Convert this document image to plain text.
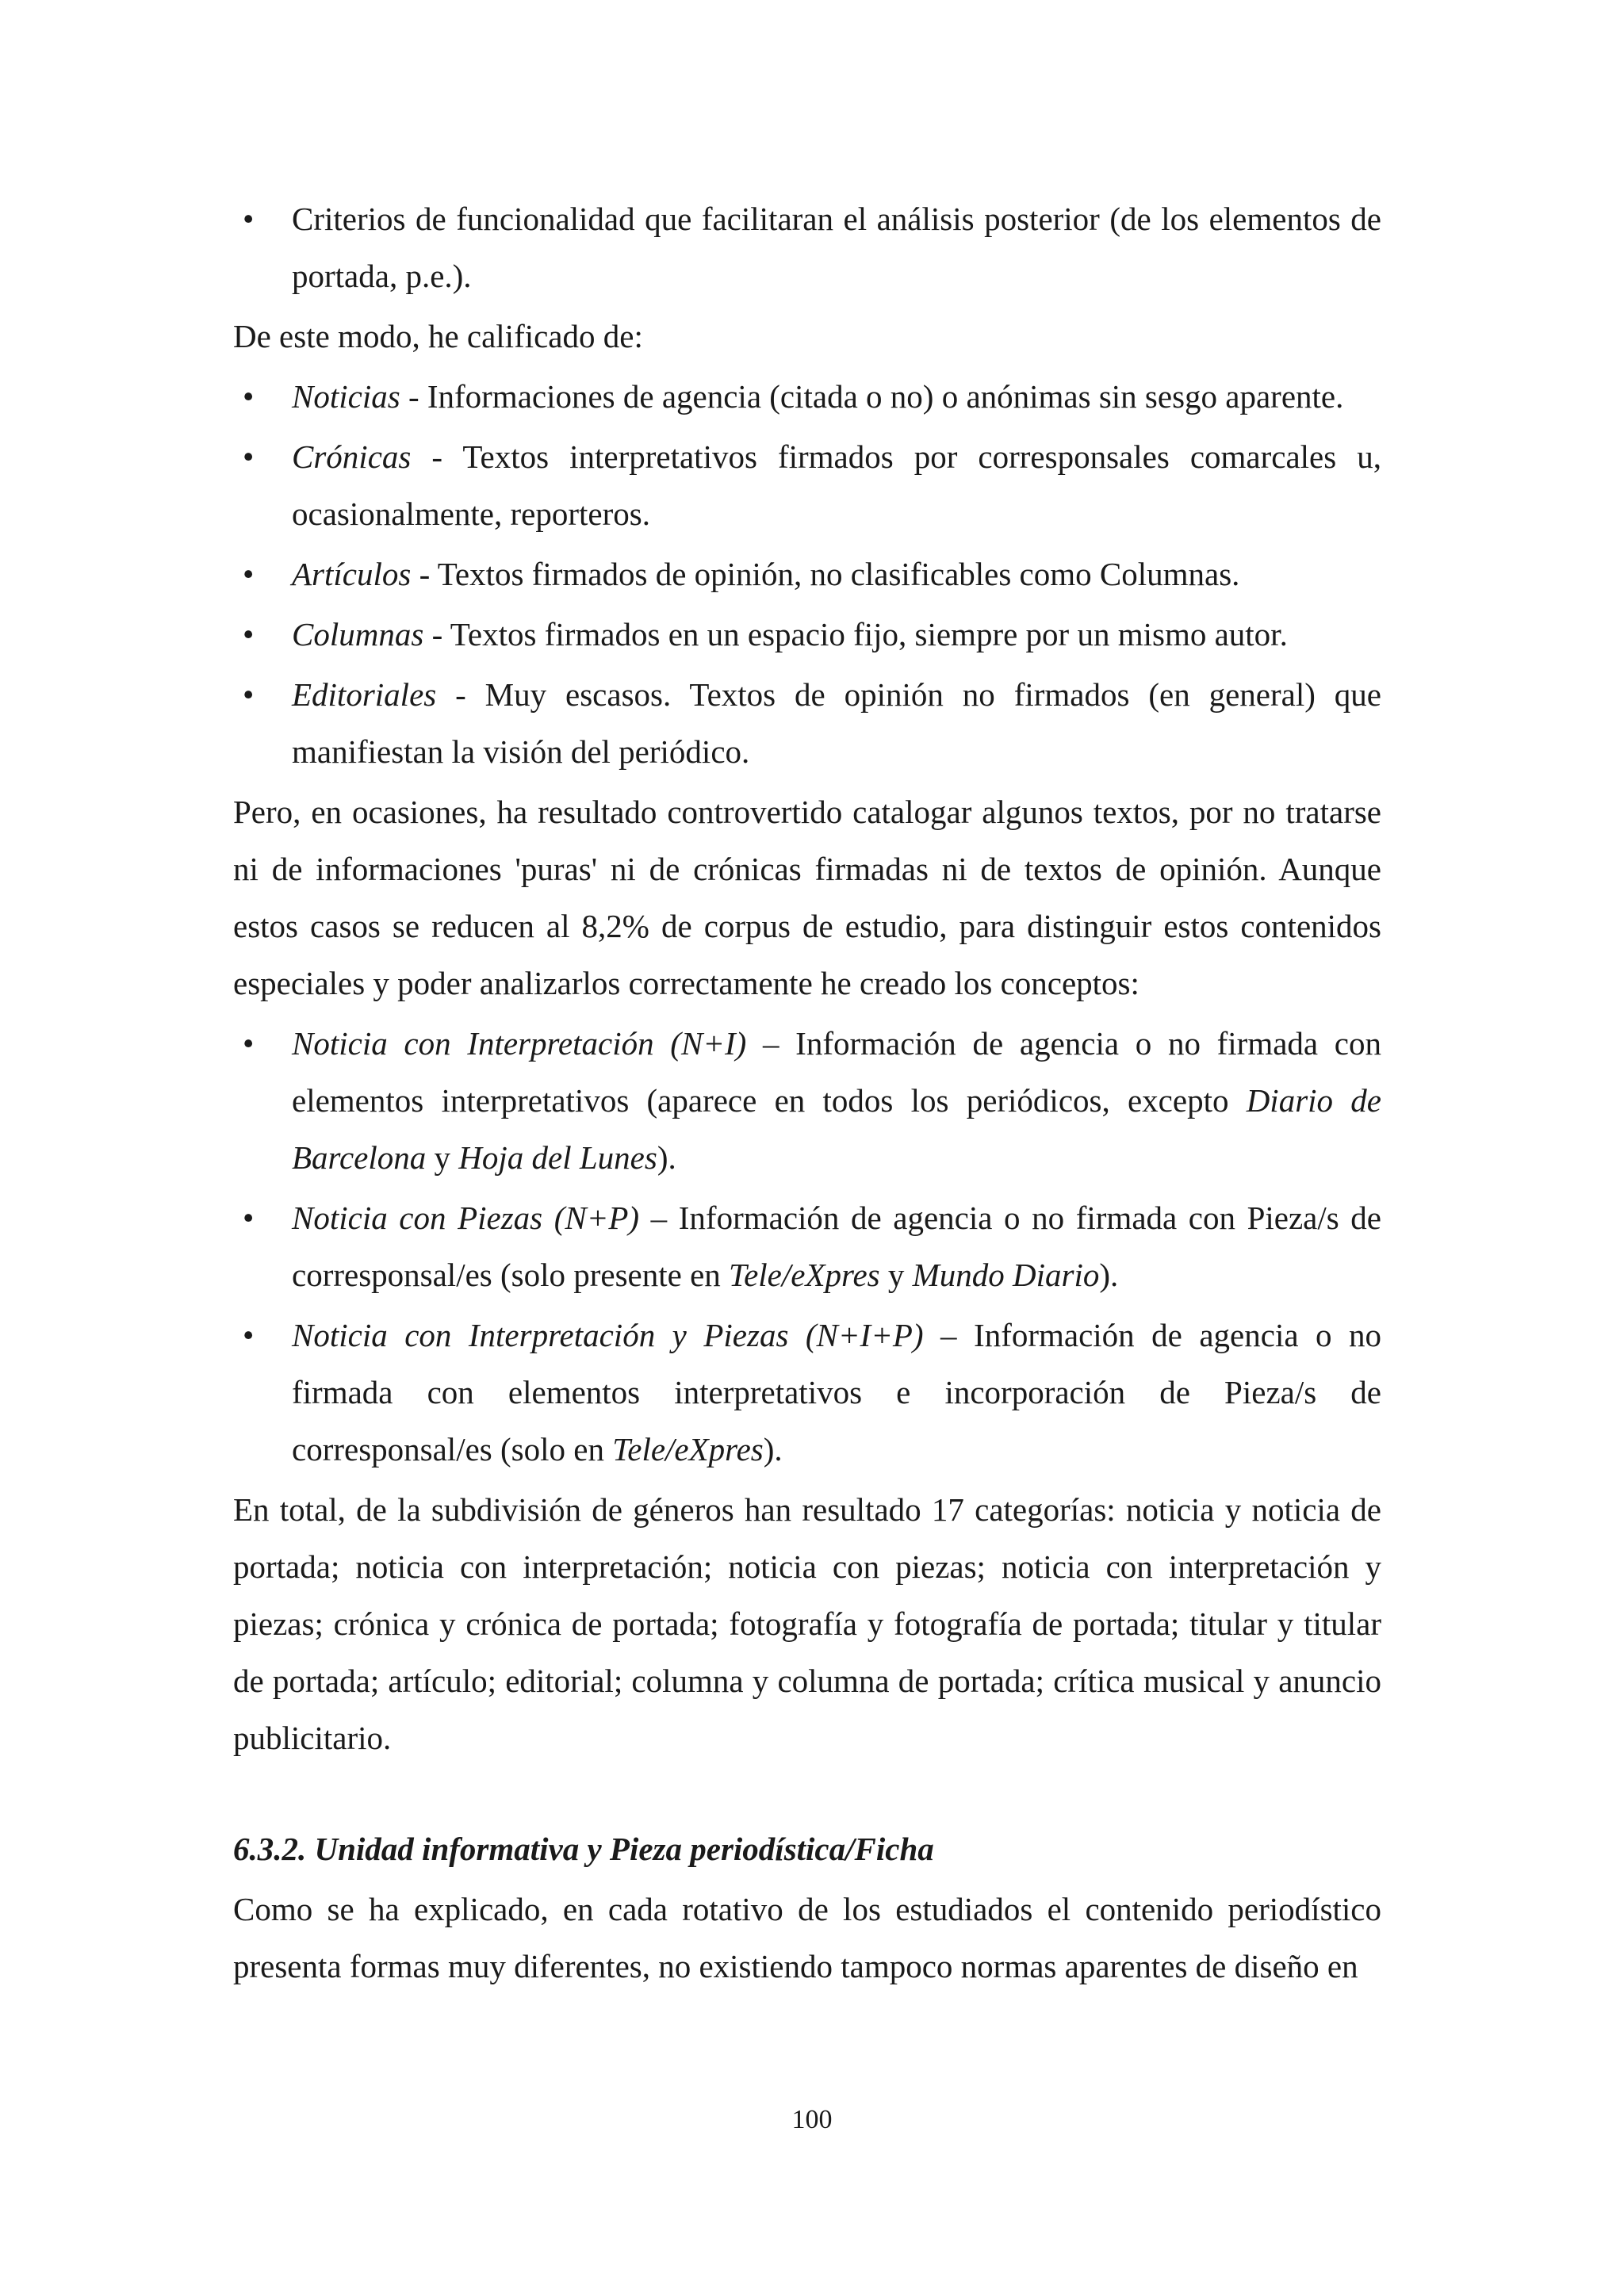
• Criterios de funcionalidad que facilitaran el análisis posterior (de los elementos de portada, p.e.).

De este modo, he calificado de:

• Noticias - Informaciones de agencia (citada o no) o anónimas sin sesgo aparente.
• Crónicas - Textos interpretativos firmados por corresponsales comarcales u, ocasionalmente, reporteros.
• Artículos - Textos firmados de opinión, no clasificables como Columnas.
• Columnas - Textos firmados en un espacio fijo, siempre por un mismo autor.
• Editoriales - Muy escasos. Textos de opinión no firmados (en general) que manifiestan la visión del periódico.

Pero, en ocasiones, ha resultado controvertido catalogar algunos textos, por no tratarse ni de informaciones 'puras' ni de crónicas firmadas ni de textos de opinión. Aunque estos casos se reducen al 8,2% de corpus de estudio, para distinguir estos contenidos especiales y poder analizarlos correctamente he creado los conceptos:

• Noticia con Interpretación (N+I) – Información de agencia o no firmada con elementos interpretativos (aparece en todos los periódicos, excepto Diario de Barcelona y Hoja del Lunes).
• Noticia con Piezas (N+P) – Información de agencia o no firmada con Pieza/s de corresponsal/es (solo presente en Tele/eXpres y Mundo Diario).
• Noticia con Interpretación y Piezas (N+I+P) – Información de agencia o no firmada con elementos interpretativos e incorporación de Pieza/s de corresponsal/es (solo en Tele/eXpres).

En total, de la subdivisión de géneros han resultado 17 categorías: noticia y noticia de portada; noticia con interpretación; noticia con piezas; noticia con interpretación y piezas; crónica y crónica de portada; fotografía y fotografía de portada; titular y titular de portada; artículo; editorial; columna y columna de portada; crítica musical y anuncio publicitario.

6.3.2. Unidad informativa y Pieza periodística/Ficha

Como se ha explicado, en cada rotativo de los estudiados el contenido periodístico presenta formas muy diferentes, no existiendo tampoco normas aparentes de diseño en

100
